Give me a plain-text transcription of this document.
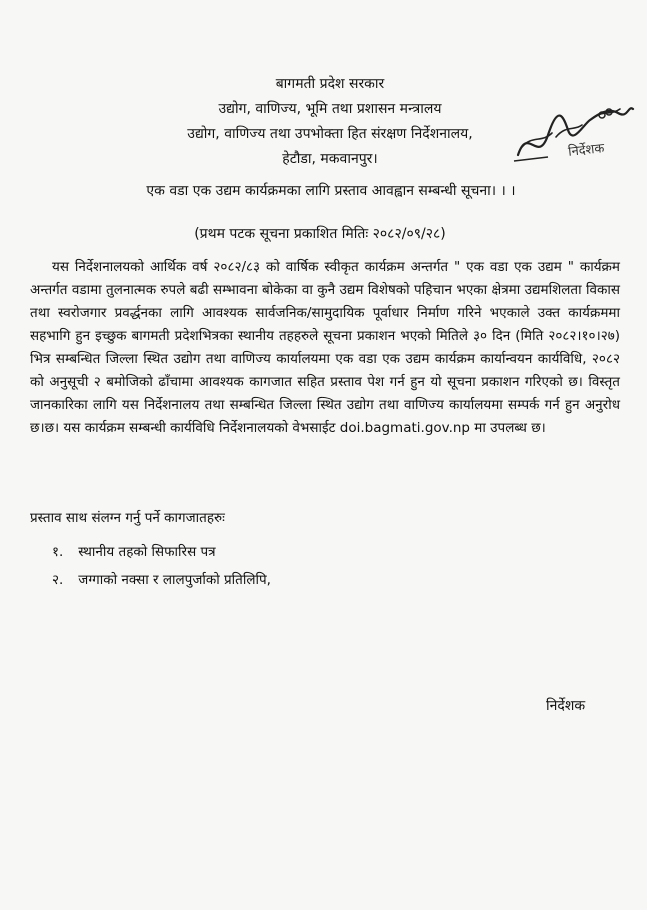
बागमती प्रदेश सरकार
उद्योग, वाणिज्य, भूमि तथा प्रशासन मन्त्रालय
उद्योग, वाणिज्य तथा उपभोक्ता हित संरक्षण निर्देशनालय,
हेटौडा, मकवानपुर।	निर्देशक
एक वडा एक उद्यम कार्यक्रमका लागि प्रस्ताव आवह्वान सम्बन्धी सूचना। । ।
(प्रथम पटक सूचना प्रकाशित मितिः २०८२/०९/२८)
यस निर्देशनालयको आर्थिक वर्ष २०८२/८३ को वार्षिक स्वीकृत कार्यक्रम अन्तर्गत " एक वडा एक उद्यम " कार्यक्रम अन्तर्गत वडामा तुलनात्मक रुपले बढी सम्भावना बोकेका वा कुनै उद्यम विशेषको पहिचान भएका क्षेत्रमा उद्यमशिलता विकास तथा स्वरोजगार प्रवर्द्धनका लागि आवश्यक सार्वजनिक/सामुदायिक पूर्वाधार निर्माण गरिने भएकाले उक्त कार्यक्रममा सहभागि हुन इच्छुक बागमती प्रदेशभित्रका स्थानीय तहहरुले सूचना प्रकाशन भएको मितिले ३० दिन (मिति २०८२।१०।२७) भित्र सम्बन्धित जिल्ला स्थित उद्योग तथा वाणिज्य कार्यालयमा एक वडा एक उद्यम कार्यक्रम कार्यान्वयन कार्यविधि, २०८२ को अनुसूची २ बमोजिको ढाँचामा आवश्यक कागजात सहित प्रस्ताव पेश गर्न हुन यो सूचना प्रकाशन गरिएको छ। विस्तृत जानकारिका लागि यस निर्देशनालय तथा सम्बन्धित जिल्ला स्थित उद्योग तथा वाणिज्य कार्यालयमा सम्पर्क गर्न हुन अनुरोध छ।छ। यस कार्यक्रम सम्बन्धी कार्यविधि निर्देशनालयको वेभसाईट doi.bagmati.gov.np मा उपलब्ध छ।
प्रस्ताव साथ संलग्न गर्नु पर्ने कागजातहरुः
१. स्थानीय तहको सिफारिस पत्र
२. जग्गाको नक्सा र लालपुर्जाको प्रतिलिपि,
निर्देशक
